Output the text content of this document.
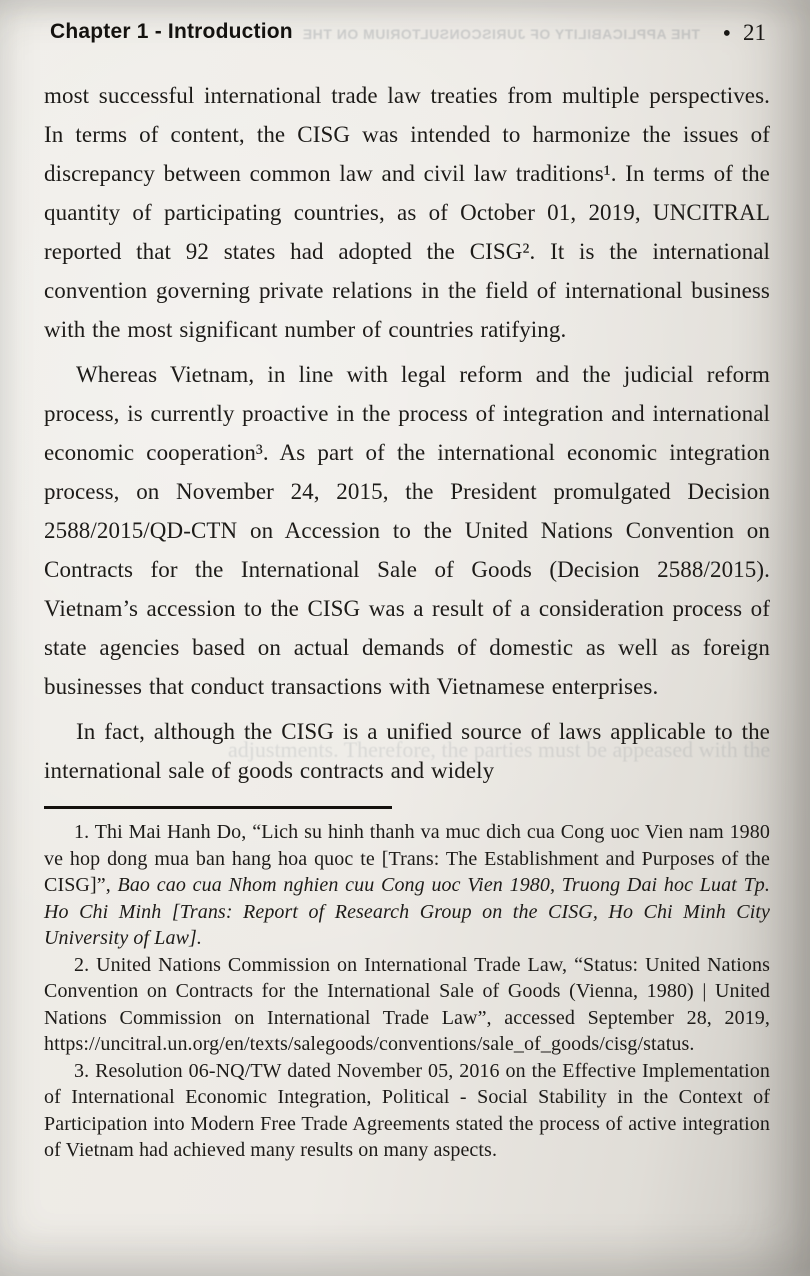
Chapter 1 - Introduction THE APPLICABILITY OF JURISCONSULTORIUM ON THE • 21

most successful international trade law treaties from multiple perspectives. In terms of content, the CISG was intended to harmonize the issues of discrepancy between common law and civil law traditions¹. In terms of the quantity of participating countries, as of October 01, 2019, UNCITRAL reported that 92 states had adopted the CISG². It is the international convention governing private relations in the field of international business with the most significant number of countries ratifying.

Whereas Vietnam, in line with legal reform and the judicial reform process, is currently proactive in the process of integration and international economic cooperation³. As part of the international economic integration process, on November 24, 2015, the President promulgated Decision 2588/2015/QD-CTN on Accession to the United Nations Convention on Contracts for the International Sale of Goods (Decision 2588/2015). Vietnam’s accession to the CISG was a result of a consideration process of state agencies based on actual demands of domestic as well as foreign businesses that conduct transactions with Vietnamese enterprises.

In fact, although the CISG is a unified source of laws applicable to the international sale of goods contracts and widely

adjustments. Therefore, the parties must be appeased with the

1. Thi Mai Hanh Do, “Lich su hinh thanh va muc dich cua Cong uoc Vien nam 1980 ve hop dong mua ban hang hoa quoc te [Trans: The Establishment and Purposes of the CISG]”, Bao cao cua Nhom nghien cuu Cong uoc Vien 1980, Truong Dai hoc Luat Tp. Ho Chi Minh [Trans: Report of Research Group on the CISG, Ho Chi Minh City University of Law].

2. United Nations Commission on International Trade Law, “Status: United Nations Convention on Contracts for the International Sale of Goods (Vienna, 1980) | United Nations Commission on International Trade Law”, accessed September 28, 2019, https://uncitral.un.org/en/texts/salegoods/conventions/sale_of_goods/cisg/status.

3. Resolution 06-NQ/TW dated November 05, 2016 on the Effective Implementation of International Economic Integration, Political - Social Stability in the Context of Participation into Modern Free Trade Agreements stated the process of active integration of Vietnam had achieved many results on many aspects.
